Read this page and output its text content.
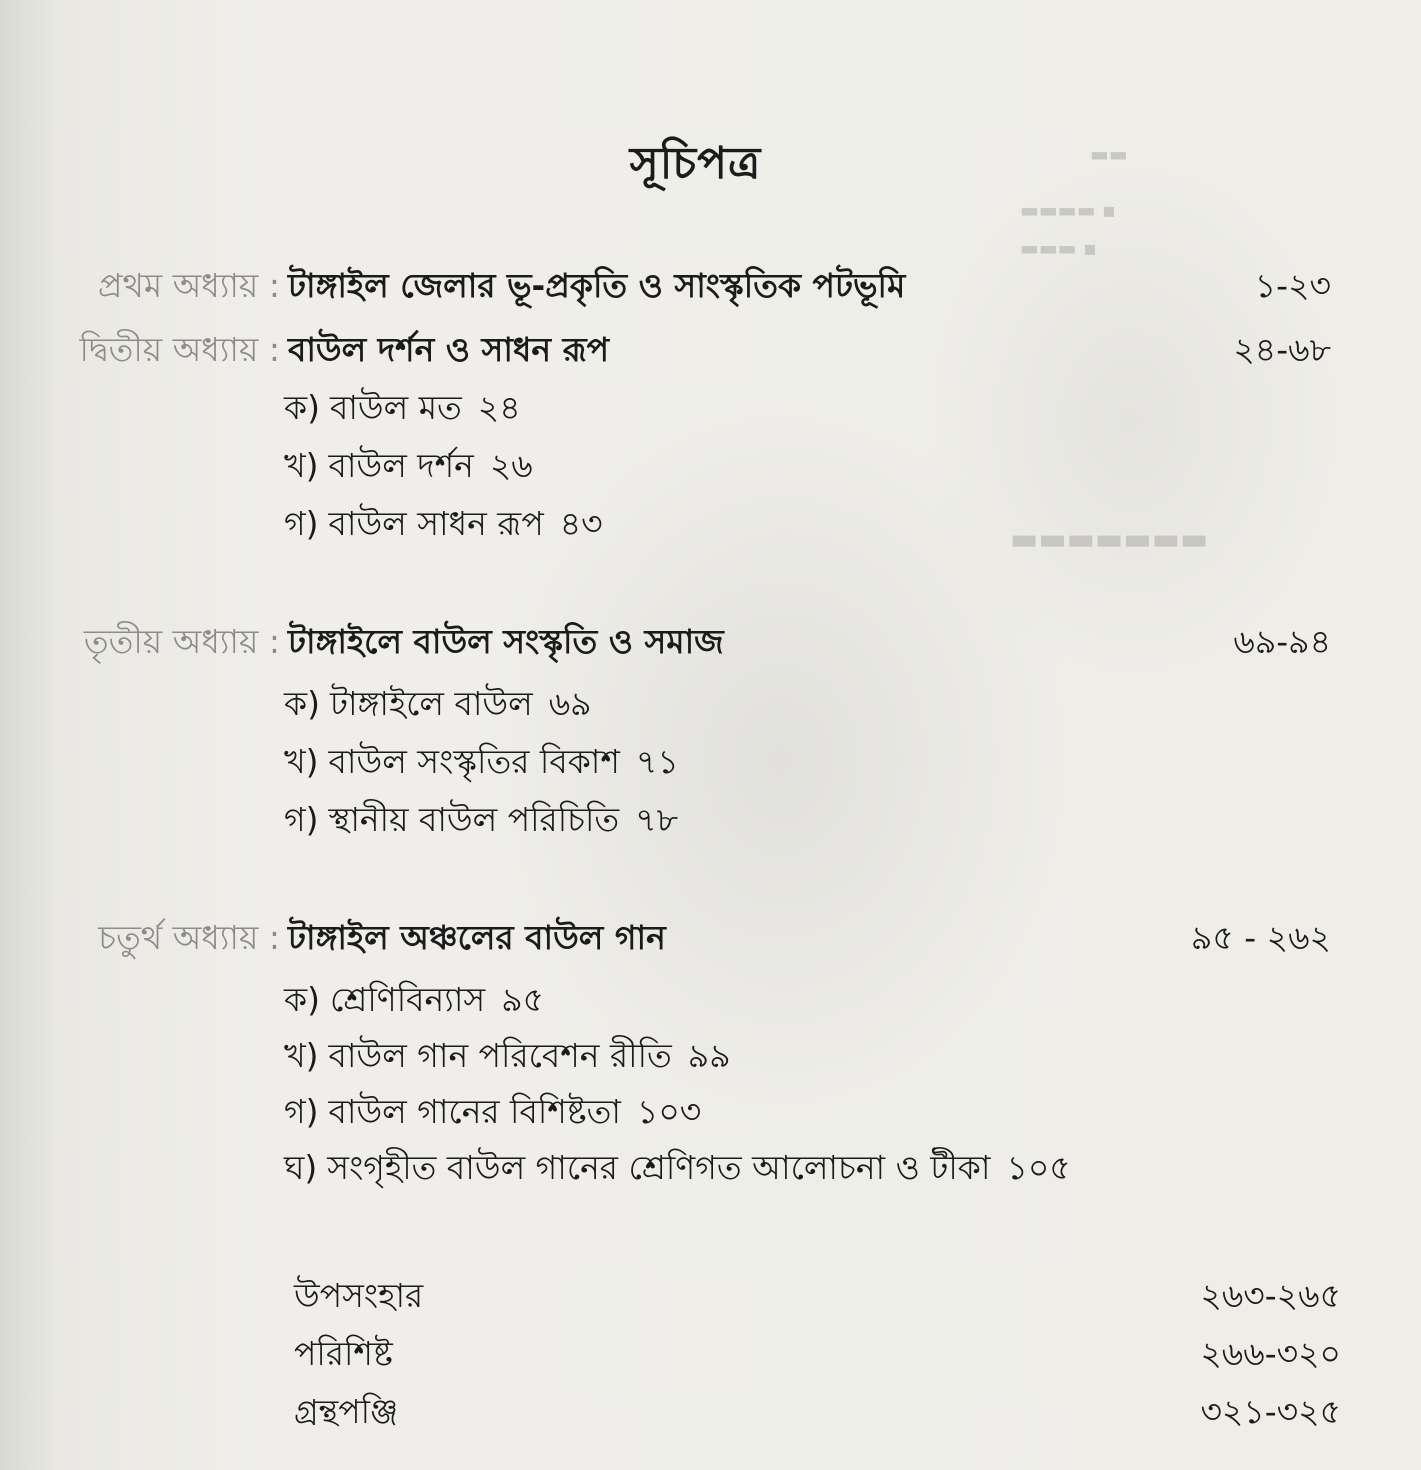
▬▬
▬▬▬▬ ▪
▬▬▬ ▪
▬▬▬▬▬▬▬
সূচিপত্র
প্রথম অধ্যায় : টাঙ্গাইল জেলার ভূ-প্রকৃতি ও সাংস্কৃতিক পটভূমি	১-২৩
দ্বিতীয় অধ্যায় : বাউল দর্শন ও সাধন রূপ	২৪-৬৮
ক) বাউল মত ২৪
খ) বাউল দর্শন ২৬
গ) বাউল সাধন রূপ ৪৩
তৃতীয় অধ্যায় : টাঙ্গাইলে বাউল সংস্কৃতি ও সমাজ	৬৯-৯৪
ক) টাঙ্গাইলে বাউল ৬৯
খ) বাউল সংস্কৃতির বিকাশ ৭১
গ) স্থানীয় বাউল পরিচিতি ৭৮
চতুর্থ অধ্যায় : টাঙ্গাইল অঞ্চলের বাউল গান	৯৫ - ২৬২
ক) শ্রেণিবিন্যাস ৯৫
খ) বাউল গান পরিবেশন রীতি ৯৯
গ) বাউল গানের বিশিষ্টতা ১০৩
ঘ) সংগৃহীত বাউল গানের শ্রেণিগত আলোচনা ও টীকা ১০৫
উপসংহার	২৬৩-২৬৫
পরিশিষ্ট	২৬৬-৩২০
গ্রন্থপঞ্জি	৩২১-৩২৫
